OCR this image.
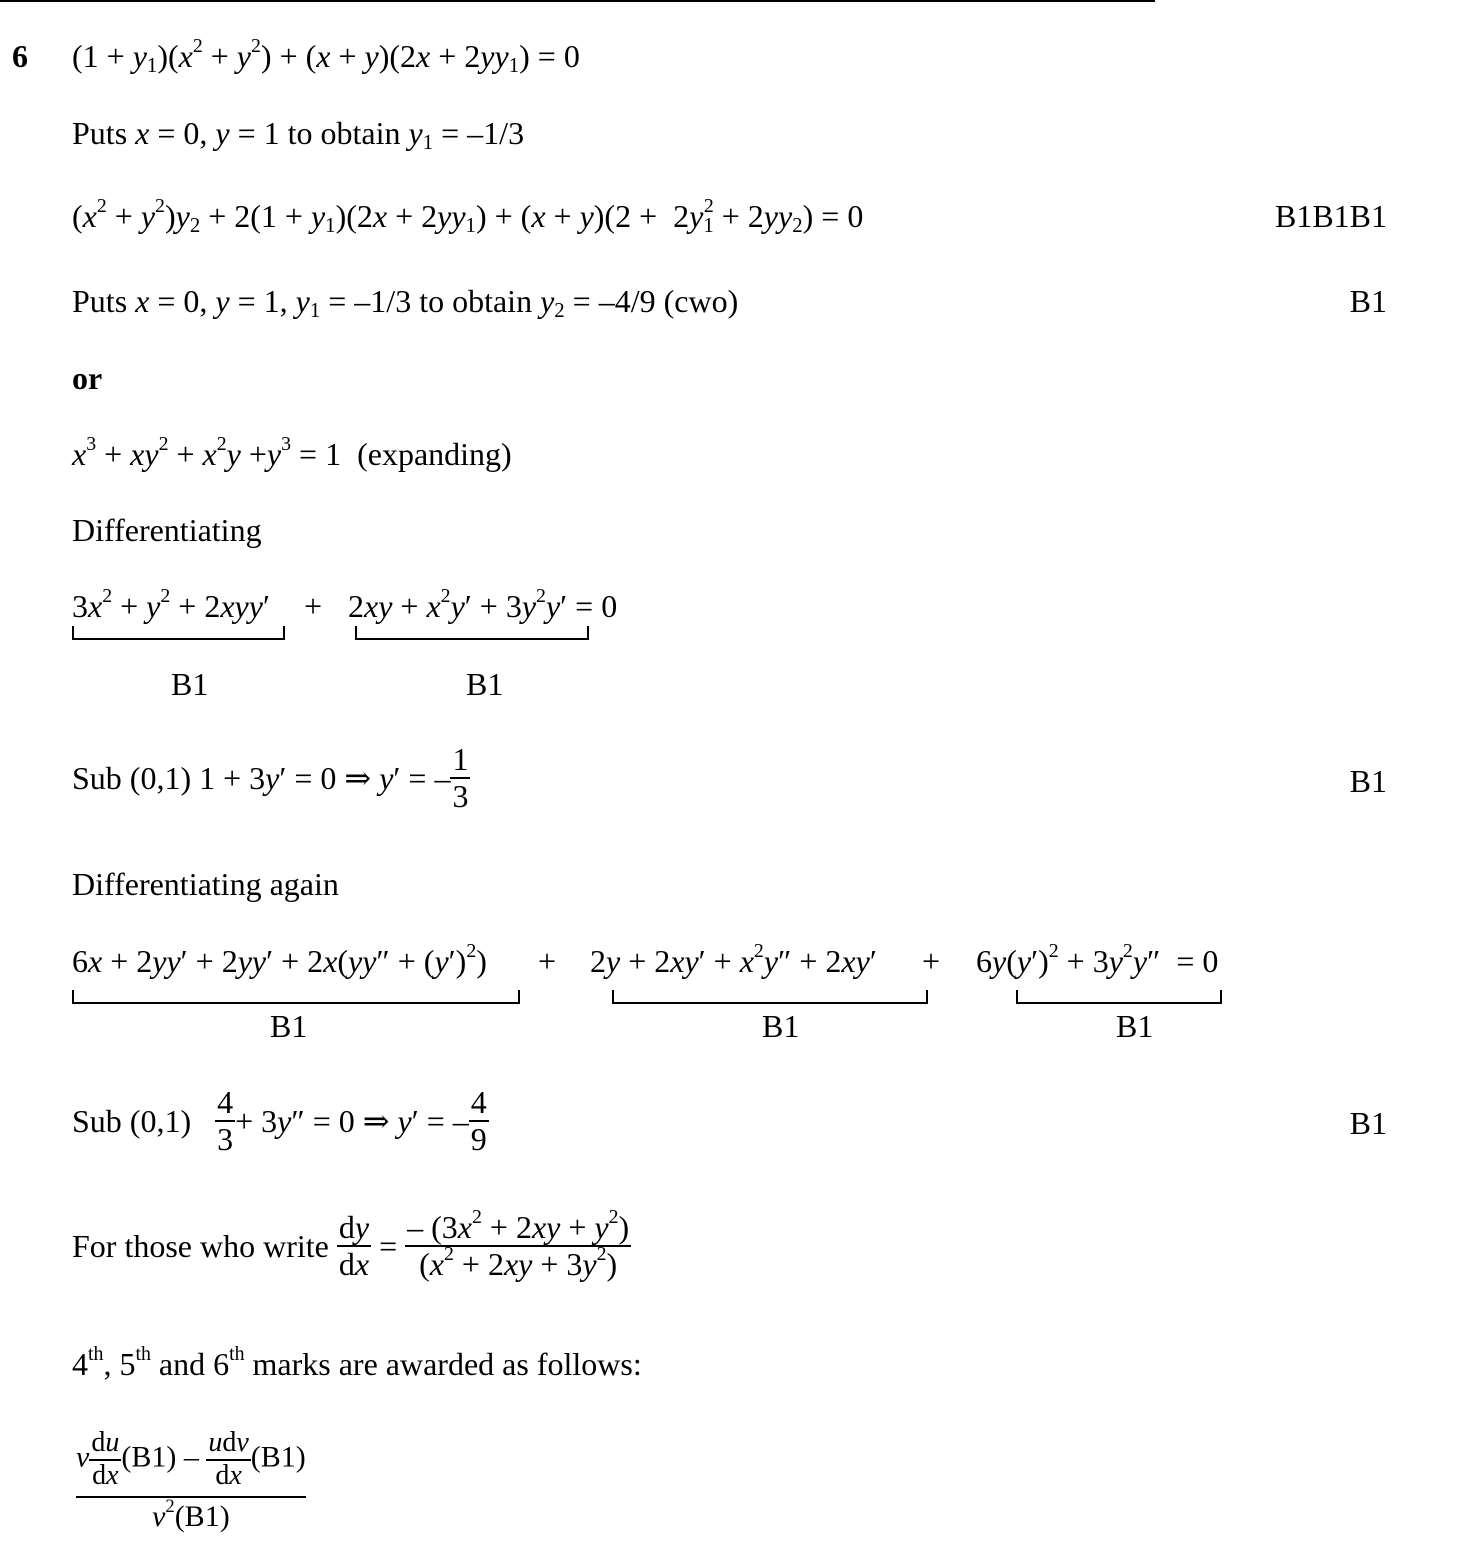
6 $(1 + y_1)(x^2 + y^2) + (x + y)(2x + 2yy_1) = 0$
Puts x = 0, y = 1 to obtain $y_1 = -1/3$
$(x^2 + y^2)y_2 + 2(1 + y_1)(2x + 2yy_1) + (x + y)(2 + 2y_1^2 + 2yy_2) = 0$	B1B1B1
Puts x = 0, y = 1, $y_1 = -1/3$ to obtain $y_2 = -4/9$ (cwo)	B1
or
$x^3 + xy^2 + x^2y +y^3 = 1$  (expanding)
Differentiating
$3x^2 + y^2 + 2xyy' + 2xy + x^2y' + 3y^2y' = 0$
B1	B1
Sub (0,1) 1 + 3y′ = 0 ⇒ y′ = – $\frac{1}{3}$	B1
Differentiating again
$6x + 2yy' + 2yy' + 2x(yy'' + (y')^2) + 2y + 2xy' + x^2y'' + 2xy' + 6y(y')^2 + 3y^2y'' = 0$
B1	B1	B1
Sub $(0,1) \frac{4}{3} + 3y'' = 0$ ⇒ y′ = – $\frac{4}{9}$	B1
For those who write $\frac{dy}{dx} = \frac{- (3x^2 + 2xy + y^2)}{(x^2 + 2xy + 3y^2)}$
4th, 5th and 6th marks are awarded as follows:
$\frac{v \frac{du}{dx} (B1) - \frac{\text{udv}}{dx} (B1)}{v^2(B1)}$
